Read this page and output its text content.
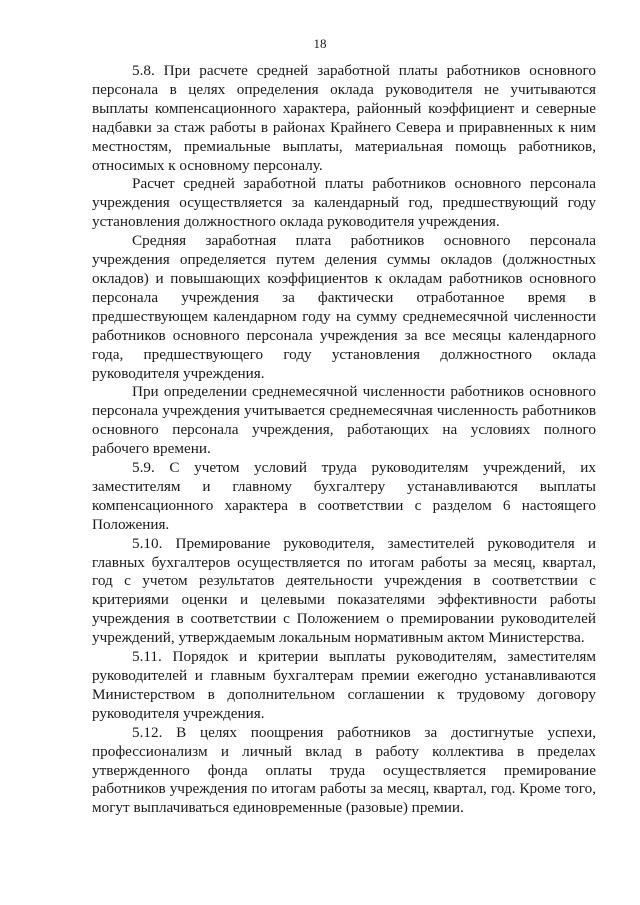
18

5.8. При расчете средней заработной платы работников основного персонала в целях определения оклада руководителя не учитываются выплаты компенсационного характера, районный коэффициент и северные надбавки за стаж работы в районах Крайнего Севера и приравненных к ним местностям, премиальные выплаты, материальная помощь работников, относимых к основному персоналу.

Расчет средней заработной платы работников основного персонала учреждения осуществляется за календарный год, предшествующий году установления должностного оклада руководителя учреждения.

Средняя заработная плата работников основного персонала учреждения определяется путем деления суммы окладов (должностных окладов) и повышающих коэффициентов к окладам работников основного персонала учреждения за фактически отработанное время в предшествующем календарном году на сумму среднемесячной численности работников основного персонала учреждения за все месяцы календарного года, предшествующего году установления должностного оклада руководителя учреждения.

При определении среднемесячной численности работников основного персонала учреждения учитывается среднемесячная численность работников основного персонала учреждения, работающих на условиях полного рабочего времени.

5.9. С учетом условий труда руководителям учреждений, их заместителям и главному бухгалтеру устанавливаются выплаты компенсационного характера в соответствии с разделом 6 настоящего Положения.

5.10. Премирование руководителя, заместителей руководителя и главных бухгалтеров осуществляется по итогам работы за месяц, квартал, год с учетом результатов деятельности учреждения в соответствии с критериями оценки и целевыми показателями эффективности работы учреждения в соответствии с Положением о премировании руководителей учреждений, утверждаемым локальным нормативным актом Министерства.

5.11. Порядок и критерии выплаты руководителям, заместителям руководителей и главным бухгалтерам премии ежегодно устанавливаются Министерством в дополнительном соглашении к трудовому договору руководителя учреждения.

5.12. В целях поощрения работников за достигнутые успехи, профессионализм и личный вклад в работу коллектива в пределах утвержденного фонда оплаты труда осуществляется премирование работников учреждения по итогам работы за месяц, квартал, год. Кроме того, могут выплачиваться единовременные (разовые) премии.
